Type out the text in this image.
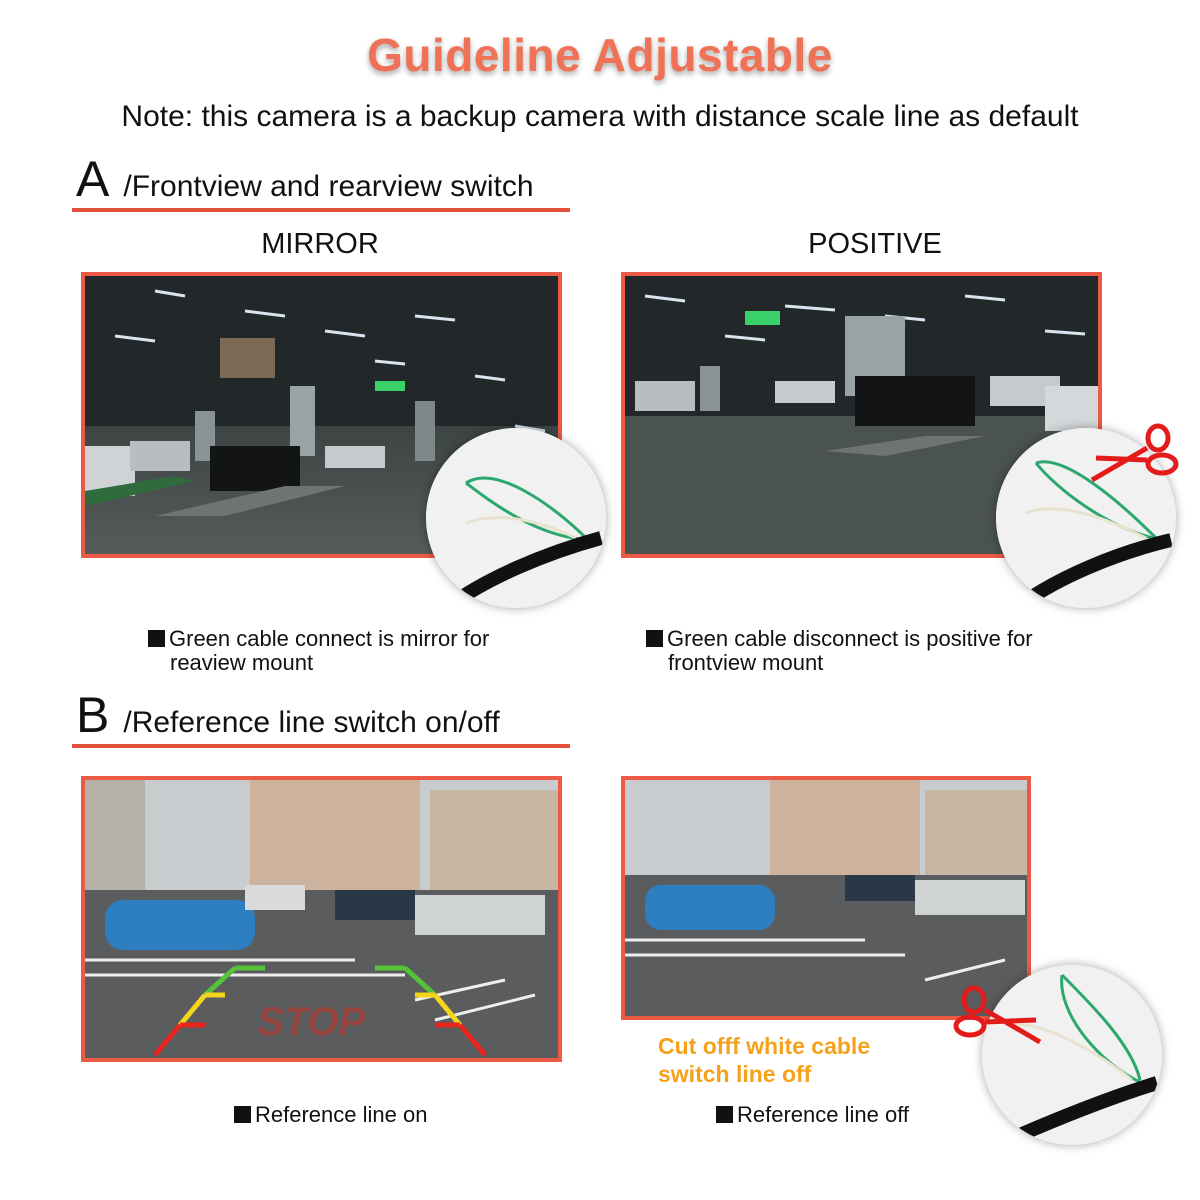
Guideline Adjustable
Note: this camera is a backup camera with distance scale line as default
A /Frontview and rearview switch
MIRROR	POSITIVE
Green cable connect is mirror for
reaview mount
Green cable disconnect is positive for
frontview mount
B /Reference line switch on/off
STOP
Cut offf white cable
switch line off
Reference line on	Reference line off
